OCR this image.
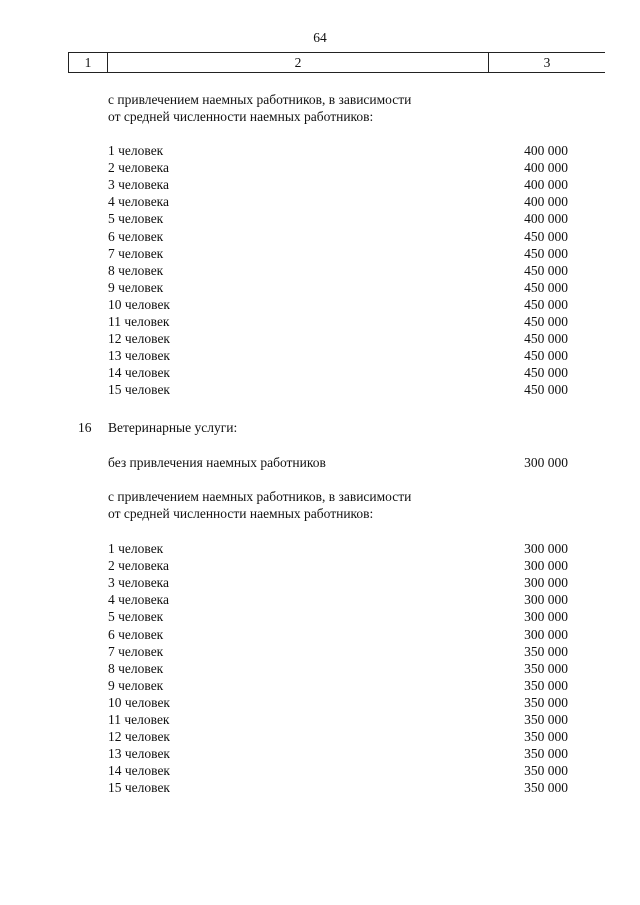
64
1	2	3
с привлечением наемных работников, в зависимости
от средней численности наемных работников:
1 человек	400 000
2 человека	400 000
3 человека	400 000
4 человека	400 000
5 человек	400 000
6 человек	450 000
7 человек	450 000
8 человек	450 000
9 человек	450 000
10 человек	450 000
11 человек	450 000
12 человек	450 000
13 человек	450 000
14 человек	450 000
15 человек	450 000
16 Ветеринарные услуги:
без привлечения наемных работников	300 000
с привлечением наемных работников, в зависимости
от средней численности наемных работников:
1 человек	300 000
2 человека	300 000
3 человека	300 000
4 человека	300 000
5 человек	300 000
6 человек	300 000
7 человек	350 000
8 человек	350 000
9 человек	350 000
10 человек	350 000
11 человек	350 000
12 человек	350 000
13 человек	350 000
14 человек	350 000
15 человек	350 000
